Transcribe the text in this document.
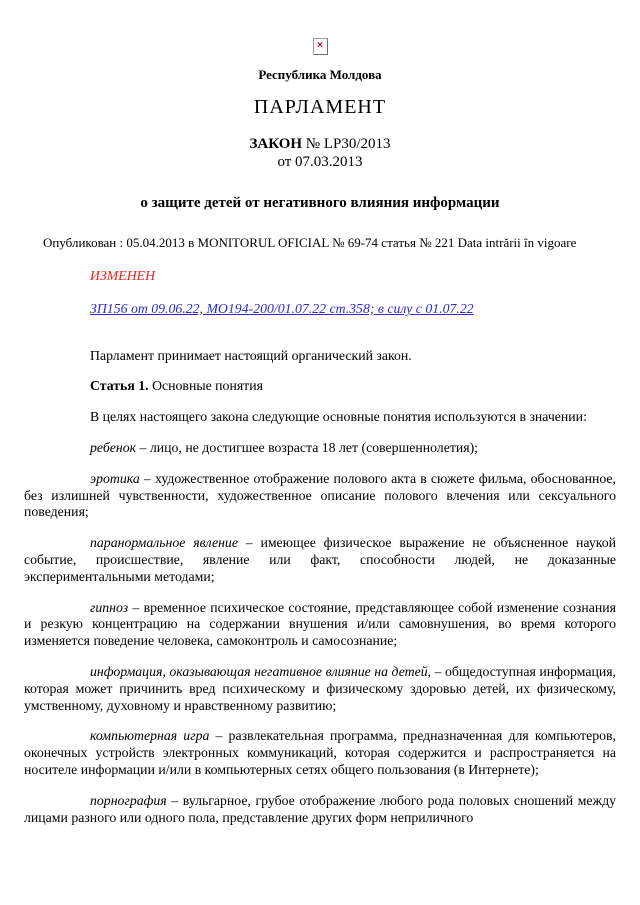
×
Республика Молдова
ПАРЛАМЕНТ
ЗАКОН № LP30/2013
от 07.03.2013
о защите детей от негативного влияния информации
Опубликован : 05.04.2013 в MONITORUL OFICIAL № 69-74 статья № 221 Data intrării în vigoare

ИЗМЕНЕН

ЗП156 от 09.06.22, МО194-200/01.07.22 ст.358; в силу с 01.07.22

Парламент принимает настоящий органический закон.

Статья 1. Основные понятия

В целях настоящего закона следующие основные понятия используются в значении:

ребенок – лицо, не достигшее возраста 18 лет (совершеннолетия);

эротика – художественное отображение полового акта в сюжете фильма, обоснованное, без излишней чувственности, художественное описание полового влечения или сексуального поведения;

паранормальное явление – имеющее физическое выражение не объясненное наукой событие, происшествие, явление или факт, способности людей, не доказанные экспериментальными методами;

гипноз – временное психическое состояние, представляющее собой изменение сознания и резкую концентрацию на содержании внушения и/или самовнушения, во время которого изменяется поведение человека, самоконтроль и самосознание;

информация, оказывающая негативное влияние на детей, – общедоступная информация, которая может причинить вред психическому и физическому здоровью детей, их физическому, умственному, духовному и нравственному развитию;

компьютерная игра – развлекательная программа, предназначенная для компьютеров, оконечных устройств электронных коммуникаций, которая содержится и распространяется на носителе информации и/или в компьютерных сетях общего пользования (в Интернете);

порнография – вульгарное, грубое отображение любого рода половых сношений между лицами разного или одного пола, представление других форм неприличного
